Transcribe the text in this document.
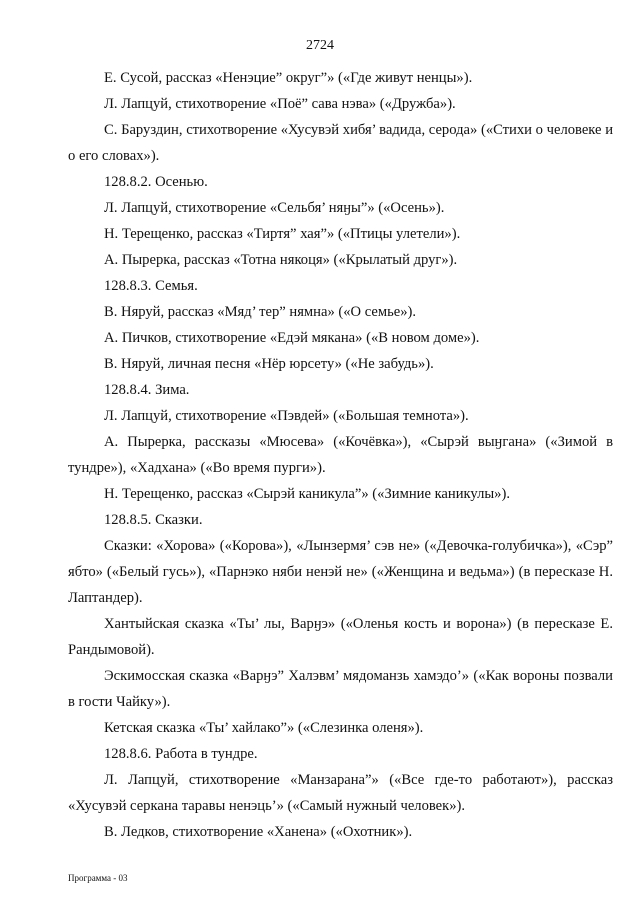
2724

Е. Сусой, рассказ «Ненэцие” округ”» («Где живут ненцы»).

Л. Лапцуй, стихотворение «Поё” сава нэва» («Дружба»).

С. Баруздин, стихотворение «Хусувэй хибя’ вадида, серода» («Стихи о человеке и о его словах»).

128.8.2. Осенью.

Л. Лапцуй, стихотворение «Сельбя’ няӈы”» («Осень»).

Н. Терещенко, рассказ «Тиртя” хая”» («Птицы улетели»).

А. Пырерка, рассказ «Тотна някоця» («Крылатый друг»).

128.8.3. Семья.

В. Няруй, рассказ «Мяд’ тер” нямна» («О семье»).

А. Пичков, стихотворение «Едэй мякана» («В новом доме»).

В. Няруй, личная песня «Нёр юрсету» («Не забудь»).

128.8.4. Зима.

Л. Лапцуй, стихотворение «Пэвдей» («Большая темнота»).

А. Пыреpка, рассказы «Мюсева» («Кочёвка»), «Сырэй выӈгана» («Зимой в тундре»), «Хадхана» («Во время пурги»).

Н. Терещенко, рассказ «Сырэй каникула”» («Зимние каникулы»).

128.8.5. Сказки.

Сказки: «Хорова» («Корова»), «Лынзермя’ сэв не» («Девочка-голубичка»), «Сэр” ябто» («Белый гусь»), «Парнэко няби ненэй не» («Женщина и ведьма») (в пересказе Н. Лаптандер).

Хантыйская сказка «Ты’ лы, Варӈэ» («Оленья кость и ворона») (в пересказе Е. Рандымовой).

Эскимосская сказка «Варӈэ” Халэвм’ мядоманзь хамэдо’» («Как вороны позвали в гости Чайку»).

Кетская сказка «Ты’ хайлако”» («Слезинка оленя»).

128.8.6. Работа в тундре.

Л. Лапцуй, стихотворение «Манзарана”» («Все где-то работают»), рассказ «Хусувэй серкана таравы ненэць’» («Самый нужный человек»).

В. Ледков, стихотворение «Ханена» («Охотник»).

Программа - 03
